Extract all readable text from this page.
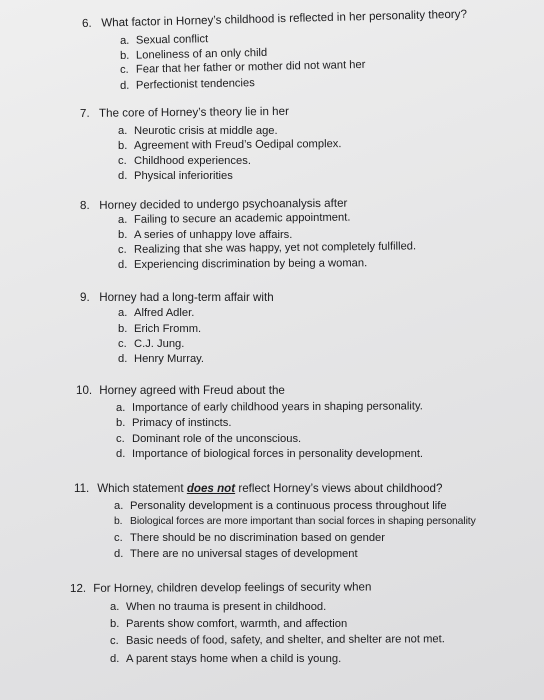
6. What factor in Horney’s childhood is reflected in her personality theory?
a. Sexual conflict
b. Loneliness of an only child
c. Fear that her father or mother did not want her
d. Perfectionist tendencies
7. The core of Horney’s theory lie in her
a. Neurotic crisis at middle age.
b. Agreement with Freud’s Oedipal complex.
c. Childhood experiences.
d. Physical inferiorities
8. Horney decided to undergo psychoanalysis after
a. Failing to secure an academic appointment.
b. A series of unhappy love affairs.
c. Realizing that she was happy, yet not completely fulfilled.
d. Experiencing discrimination by being a woman.
9. Horney had a long-term affair with
a. Alfred Adler.
b. Erich Fromm.
c. C.J. Jung.
d. Henry Murray.
10. Horney agreed with Freud about the
a. Importance of early childhood years in shaping personality.
b. Primacy of instincts.
c. Dominant role of the unconscious.
d. Importance of biological forces in personality development.
11. Which statement does not reflect Horney’s views about childhood?
a. Personality development is a continuous process throughout life
b. Biological forces are more important than social forces in shaping personality
c. There should be no discrimination based on gender
d. There are no universal stages of development
12. For Horney, children develop feelings of security when
a. When no trauma is present in childhood.
b. Parents show comfort, warmth, and affection
c. Basic needs of food, safety, and shelter, and shelter are not met.
d. A parent stays home when a child is young.
